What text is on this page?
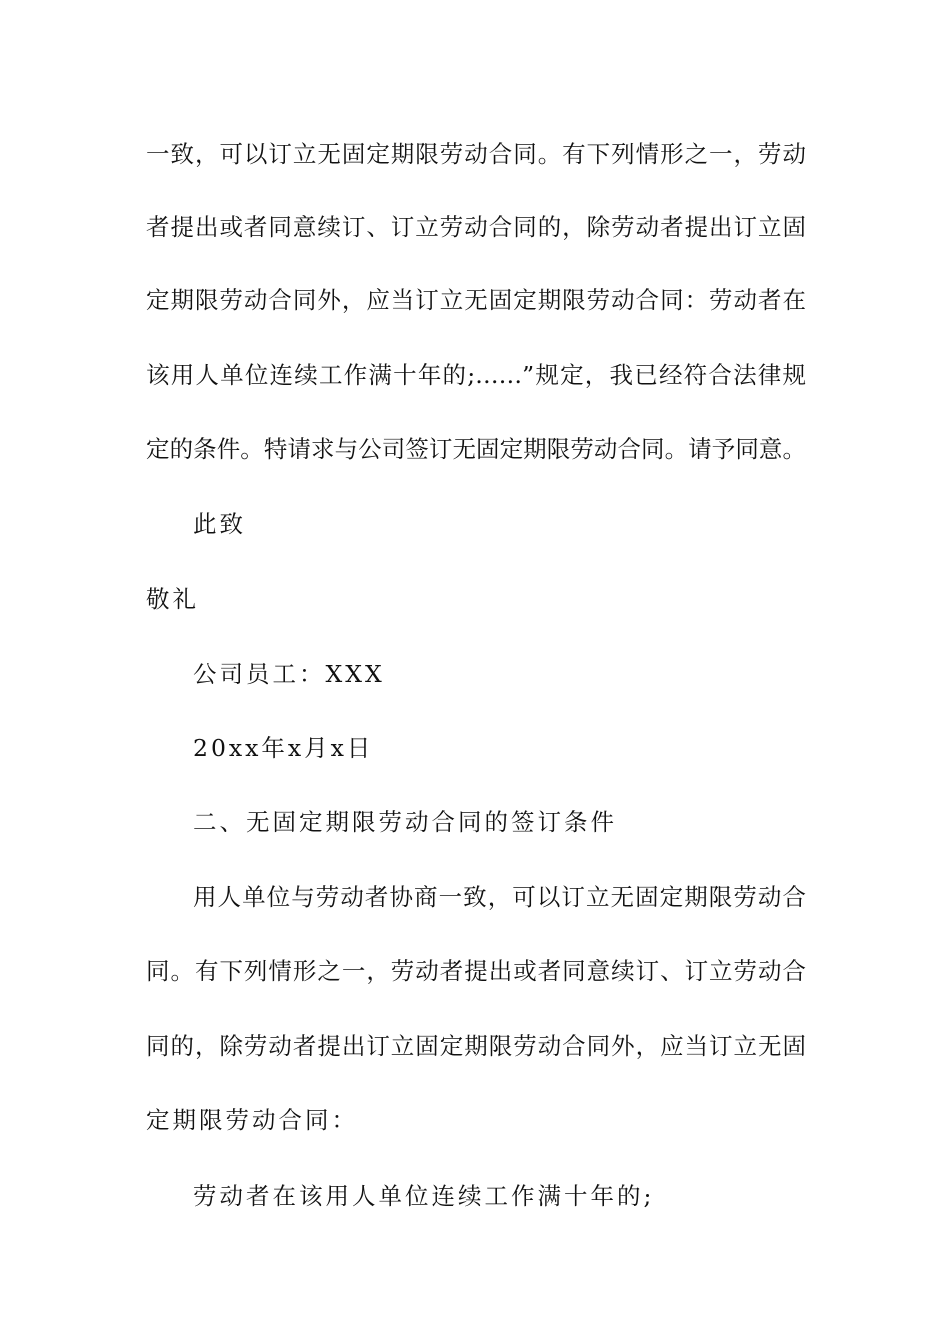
一致，可以订立无固定期限劳动合同。有下列情形之一，劳动
者提出或者同意续订、订立劳动合同的，除劳动者提出订立固
定期限劳动合同外，应当订立无固定期限劳动合同：劳动者在
该用人单位连续工作满十年的;……”规定，我已经符合法律规
定的条件。特请求与公司签订无固定期限劳动合同。请予同意。
此致
敬礼
公司员工：XXX
20xx年x月x日
二、无固定期限劳动合同的签订条件
用人单位与劳动者协商一致，可以订立无固定期限劳动合
同。有下列情形之一，劳动者提出或者同意续订、订立劳动合
同的，除劳动者提出订立固定期限劳动合同外，应当订立无固
定期限劳动合同：
劳动者在该用人单位连续工作满十年的;
